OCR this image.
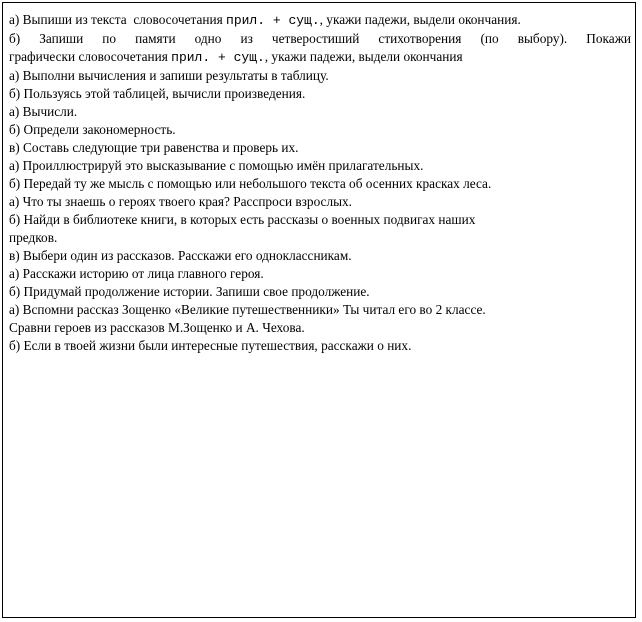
а) Выпиши из текста  словосочетания прил. + сущ., укажи падежи, выдели окончания.
б) Запиши по памяти одно из четверостиший стихотворения (по выбору). Покажи
графически словосочетания прил. + сущ., укажи падежи, выдели окончания
а) Выполни вычисления и запиши результаты в таблицу.
б) Пользуясь этой таблицей, вычисли произведения.
а) Вычисли.
б) Определи закономерность.
в) Составь следующие три равенства и проверь их.
а) Проиллюстрируй это высказывание с помощью имён прилагательных.
б) Передай ту же мысль с помощью или небольшого текста об осенних красках леса.
а) Что ты знаешь о героях твоего края? Расспроси взрослых.
б) Найди в библиотеке книги, в которых есть рассказы о военных подвигах наших
предков.
в) Выбери один из рассказов. Расскажи его одноклассникам.
а) Расскажи историю от лица главного героя.
б) Придумай продолжение истории. Запиши свое продолжение.
а) Вспомни рассказ Зощенко «Великие путешественники» Ты читал его во 2 классе.
Сравни героев из рассказов М.Зощенко и А. Чехова.
б) Если в твоей жизни были интересные путешествия, расскажи о них.
